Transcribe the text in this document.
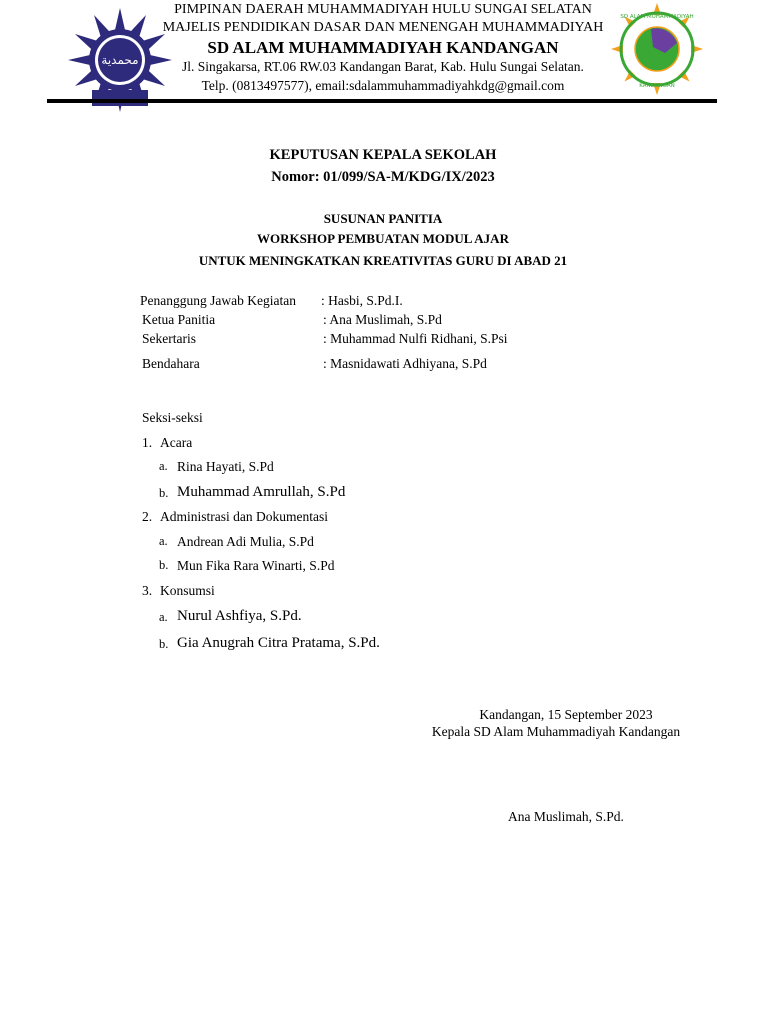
محمدية
SD ALAM MUHAMMADIYAH
KANDANGAN
PIMPINAN DAERAH MUHAMMADIYAH HULU SUNGAI SELATAN
MAJELIS PENDIDIKAN DASAR DAN MENENGAH MUHAMMADIYAH
SD ALAM MUHAMMADIYAH KANDANGAN
Jl. Singakarsa, RT.06 RW.03 Kandangan Barat, Kab. Hulu Sungai Selatan.
Telp. (0813497577), email:sdalammuhammadiyahkdg@gmail.com
KEPUTUSAN KEPALA SEKOLAH
Nomor: 01/099/SA-M/KDG/IX/2023
SUSUNAN PANITIA
WORKSHOP PEMBUATAN MODUL AJAR
UNTUK MENINGKATKAN KREATIVITAS GURU DI ABAD 21
Penanggung Jawab Kegiatan : Hasbi, S.Pd.I.
Ketua Panitia	: Ana Muslimah, S.Pd
Sekertaris	: Muhammad Nulfi Ridhani, S.Psi
Bendahara	: Masnidawati Adhiyana, S.Pd
Seksi-seksi
1. Acara
a. Rina Hayati, S.Pd
b. Muhammad Amrullah, S.Pd
2. Administrasi dan Dokumentasi
a. Andrean Adi Mulia, S.Pd
b. Mun Fika Rara Winarti, S.Pd
3. Konsumsi
a. Nurul Ashfiya, S.Pd.
b. Gia Anugrah Citra Pratama, S.Pd.
Kandangan, 15 September 2023
Kepala SD Alam Muhammadiyah Kandangan
Ana Muslimah, S.Pd.
